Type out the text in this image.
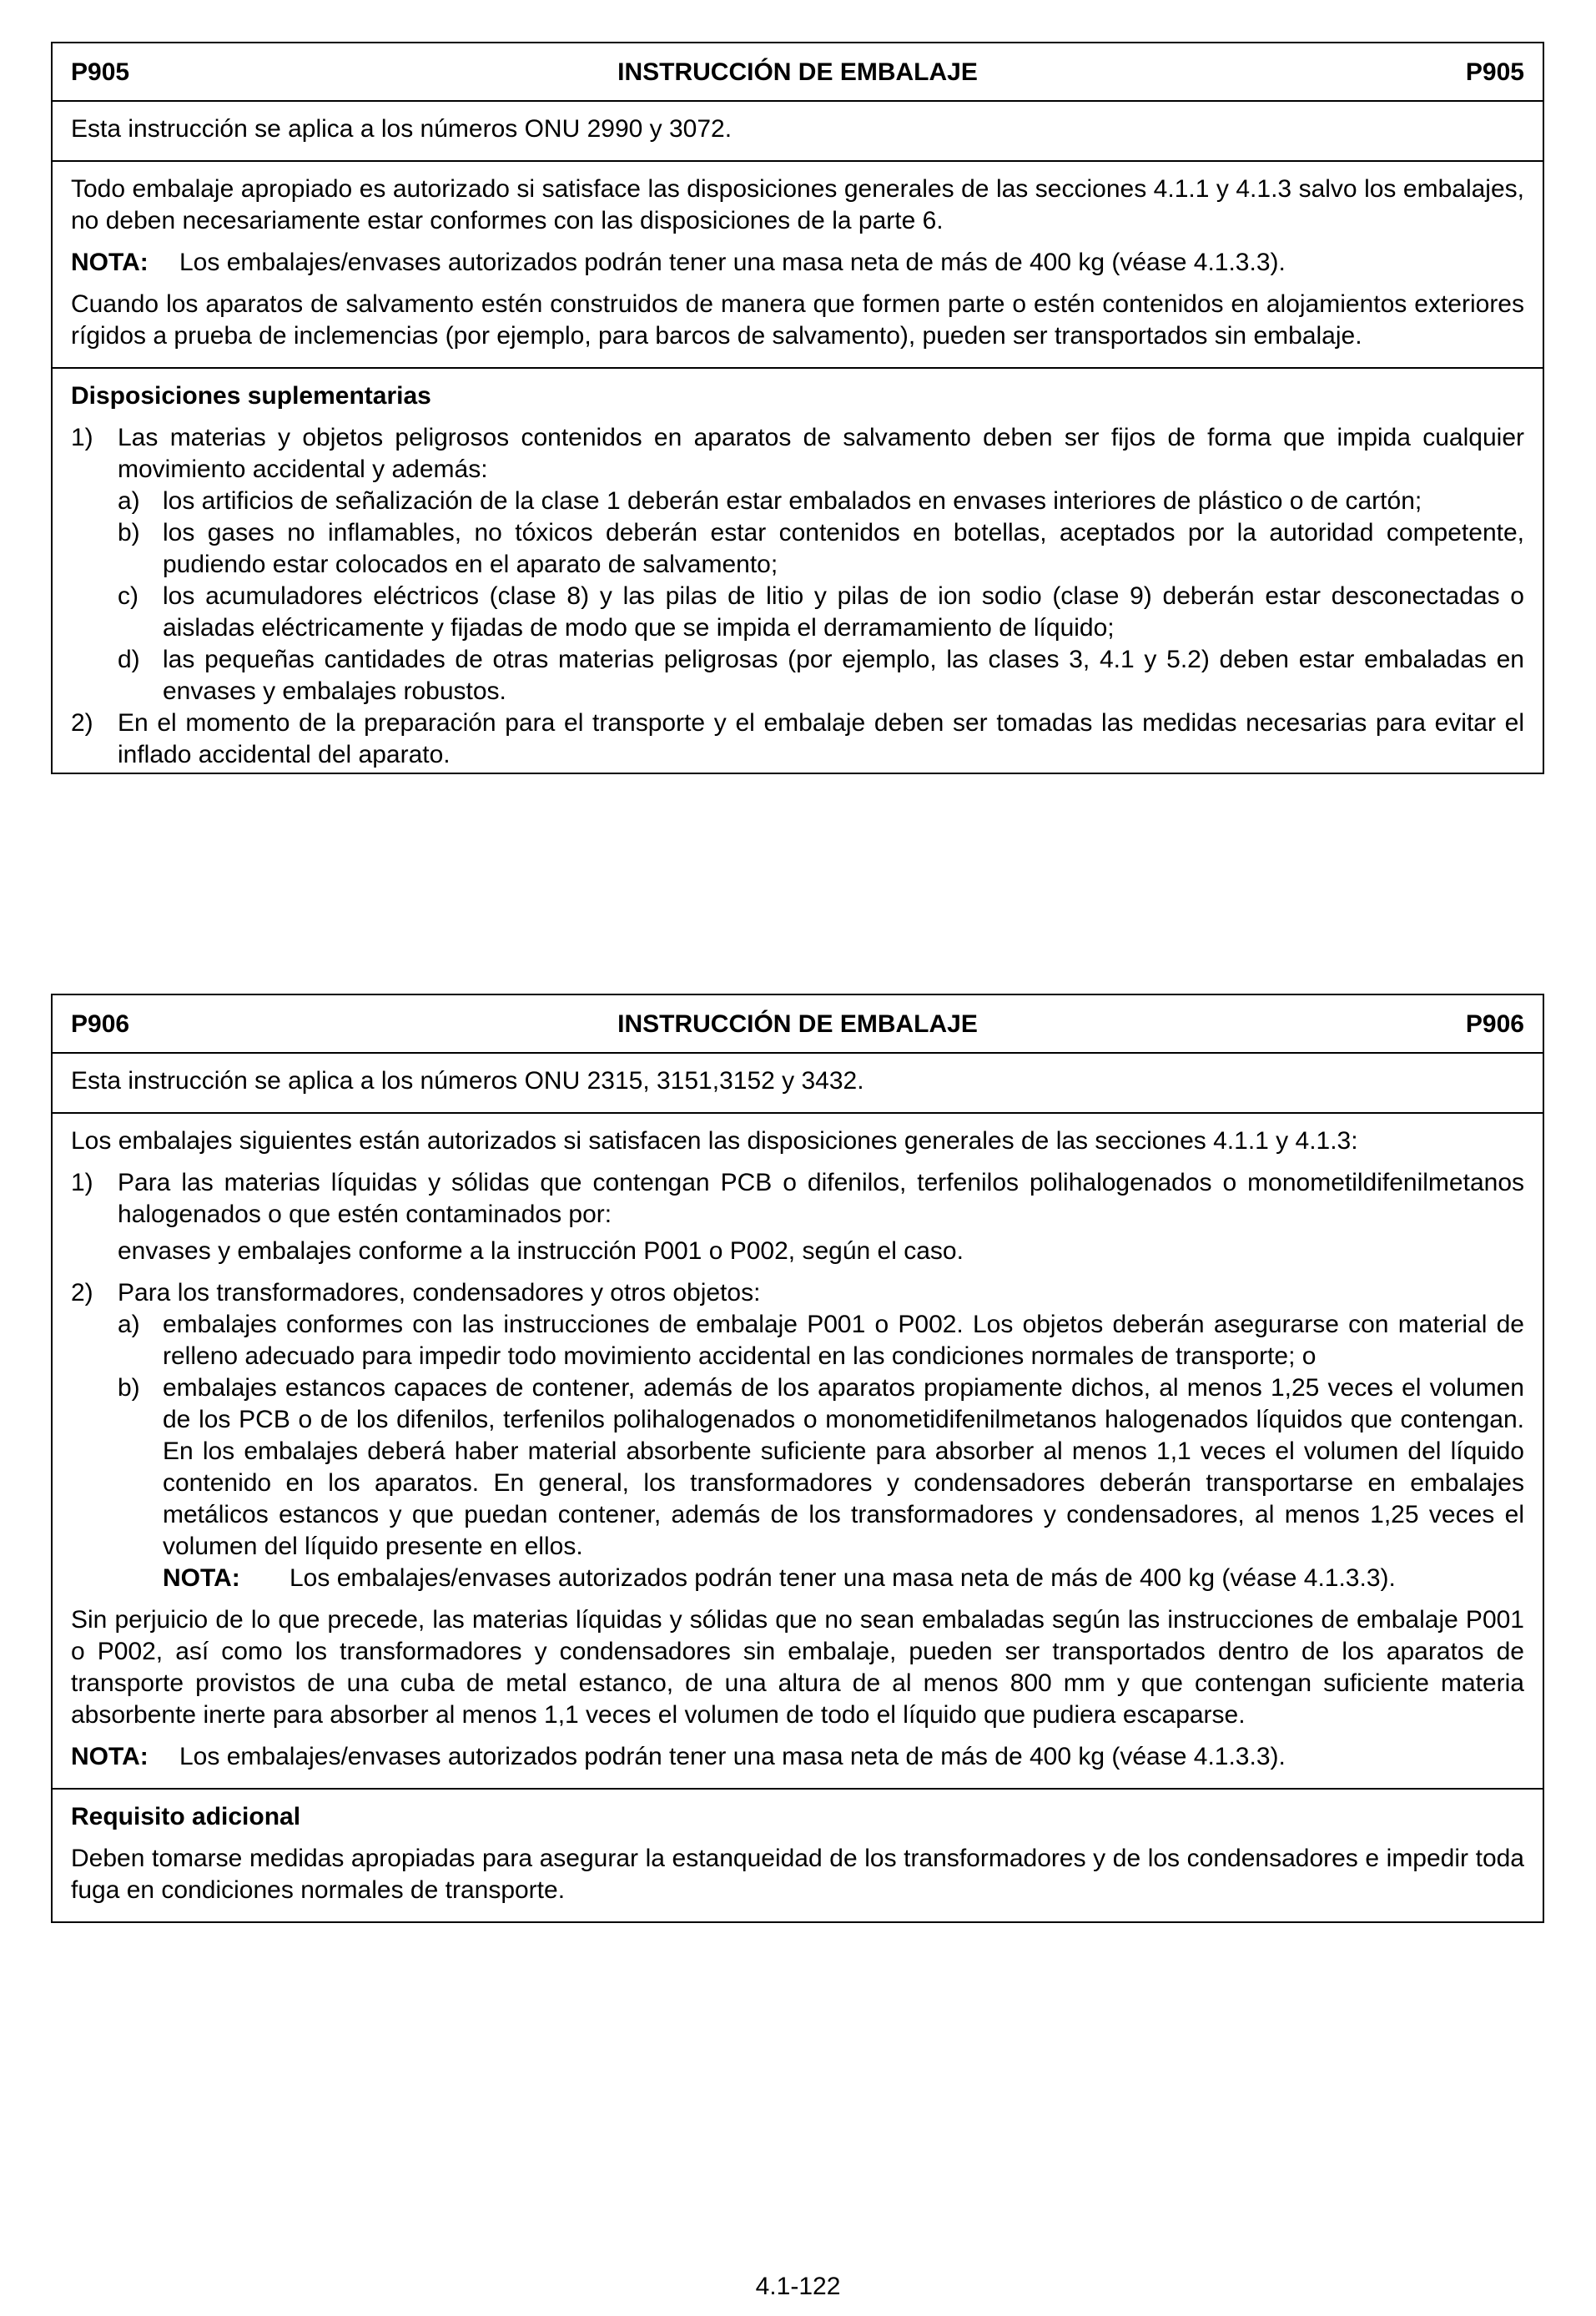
P905	INSTRUCCIÓN DE EMBALAJE	P905

Esta instrucción se aplica a los números ONU 2990 y 3072.

Todo embalaje apropiado es autorizado si satisface las disposiciones generales de las secciones 4.1.1 y 4.1.3 salvo los embalajes, no deben necesariamente estar conformes con las disposiciones de la parte 6.

NOTA:	Los embalajes/envases autorizados podrán tener una masa neta de más de 400 kg (véase 4.1.3.3).

Cuando los aparatos de salvamento estén construidos de manera que formen parte o estén contenidos en alojamientos exteriores rígidos a prueba de inclemencias (por ejemplo, para barcos de salvamento), pueden ser transportados sin embalaje.

Disposiciones suplementarias

1) Las materias y objetos peligrosos contenidos en aparatos de salvamento deben ser fijos de forma que impida cualquier movimiento accidental y además:
a) los artificios de señalización de la clase 1 deberán estar embalados en envases interiores de plástico o de cartón;
b) los gases no inflamables, no tóxicos deberán estar contenidos en botellas, aceptados por la autoridad competente, pudiendo estar colocados en el aparato de salvamento;
c) los acumuladores eléctricos (clase 8) y las pilas de litio y pilas de ion sodio (clase 9) deberán estar desconectadas o aisladas eléctricamente y fijadas de modo que se impida el derramamiento de líquido;
d) las pequeñas cantidades de otras materias peligrosas (por ejemplo, las clases 3, 4.1 y 5.2) deben estar embaladas en envases y embalajes robustos.
2) En el momento de la preparación para el transporte y el embalaje deben ser tomadas las medidas necesarias para evitar el inflado accidental del aparato.
P906	INSTRUCCIÓN DE EMBALAJE	P906

Esta instrucción se aplica a los números ONU 2315, 3151,3152 y 3432.

Los embalajes siguientes están autorizados si satisfacen las disposiciones generales de las secciones 4.1.1 y 4.1.3:

1) Para las materias líquidas y sólidas que contengan PCB o difenilos, terfenilos polihalogenados o monometildifenilmetanos halogenados o que estén contaminados por:

envases y embalajes conforme a la instrucción P001 o P002, según el caso.

2) Para los transformadores, condensadores y otros objetos:
a) embalajes conformes con las instrucciones de embalaje P001 o P002. Los objetos deberán asegurarse con material de relleno adecuado para impedir todo movimiento accidental en las condiciones normales de transporte; o
b) embalajes estancos capaces de contener, además de los aparatos propiamente dichos, al menos 1,25 veces el volumen de los PCB o de los difenilos, terfenilos polihalogenados o monometidifenilmetanos halogenados líquidos que contengan. En los embalajes deberá haber material absorbente suficiente para absorber al menos 1,1 veces el volumen del líquido contenido en los aparatos. En general, los transformadores y condensadores deberán transportarse en embalajes metálicos estancos y que puedan contener, además de los transformadores y condensadores, al menos 1,25 veces el volumen del líquido presente en ellos.
NOTA:	Los embalajes/envases autorizados podrán tener una masa neta de más de 400 kg (véase 4.1.3.3).

Sin perjuicio de lo que precede, las materias líquidas y sólidas que no sean embaladas según las instrucciones de embalaje P001 o P002, así como los transformadores y condensadores sin embalaje, pueden ser transportados dentro de los aparatos de transporte provistos de una cuba de metal estanco, de una altura de al menos 800 mm y que contengan suficiente materia absorbente inerte para absorber al menos 1,1 veces el volumen de todo el líquido que pudiera escaparse.

NOTA:	Los embalajes/envases autorizados podrán tener una masa neta de más de 400 kg (véase 4.1.3.3).

Requisito adicional

Deben tomarse medidas apropiadas para asegurar la estanqueidad de los transformadores y de los condensadores e impedir toda fuga en condiciones normales de transporte.

4.1-122
